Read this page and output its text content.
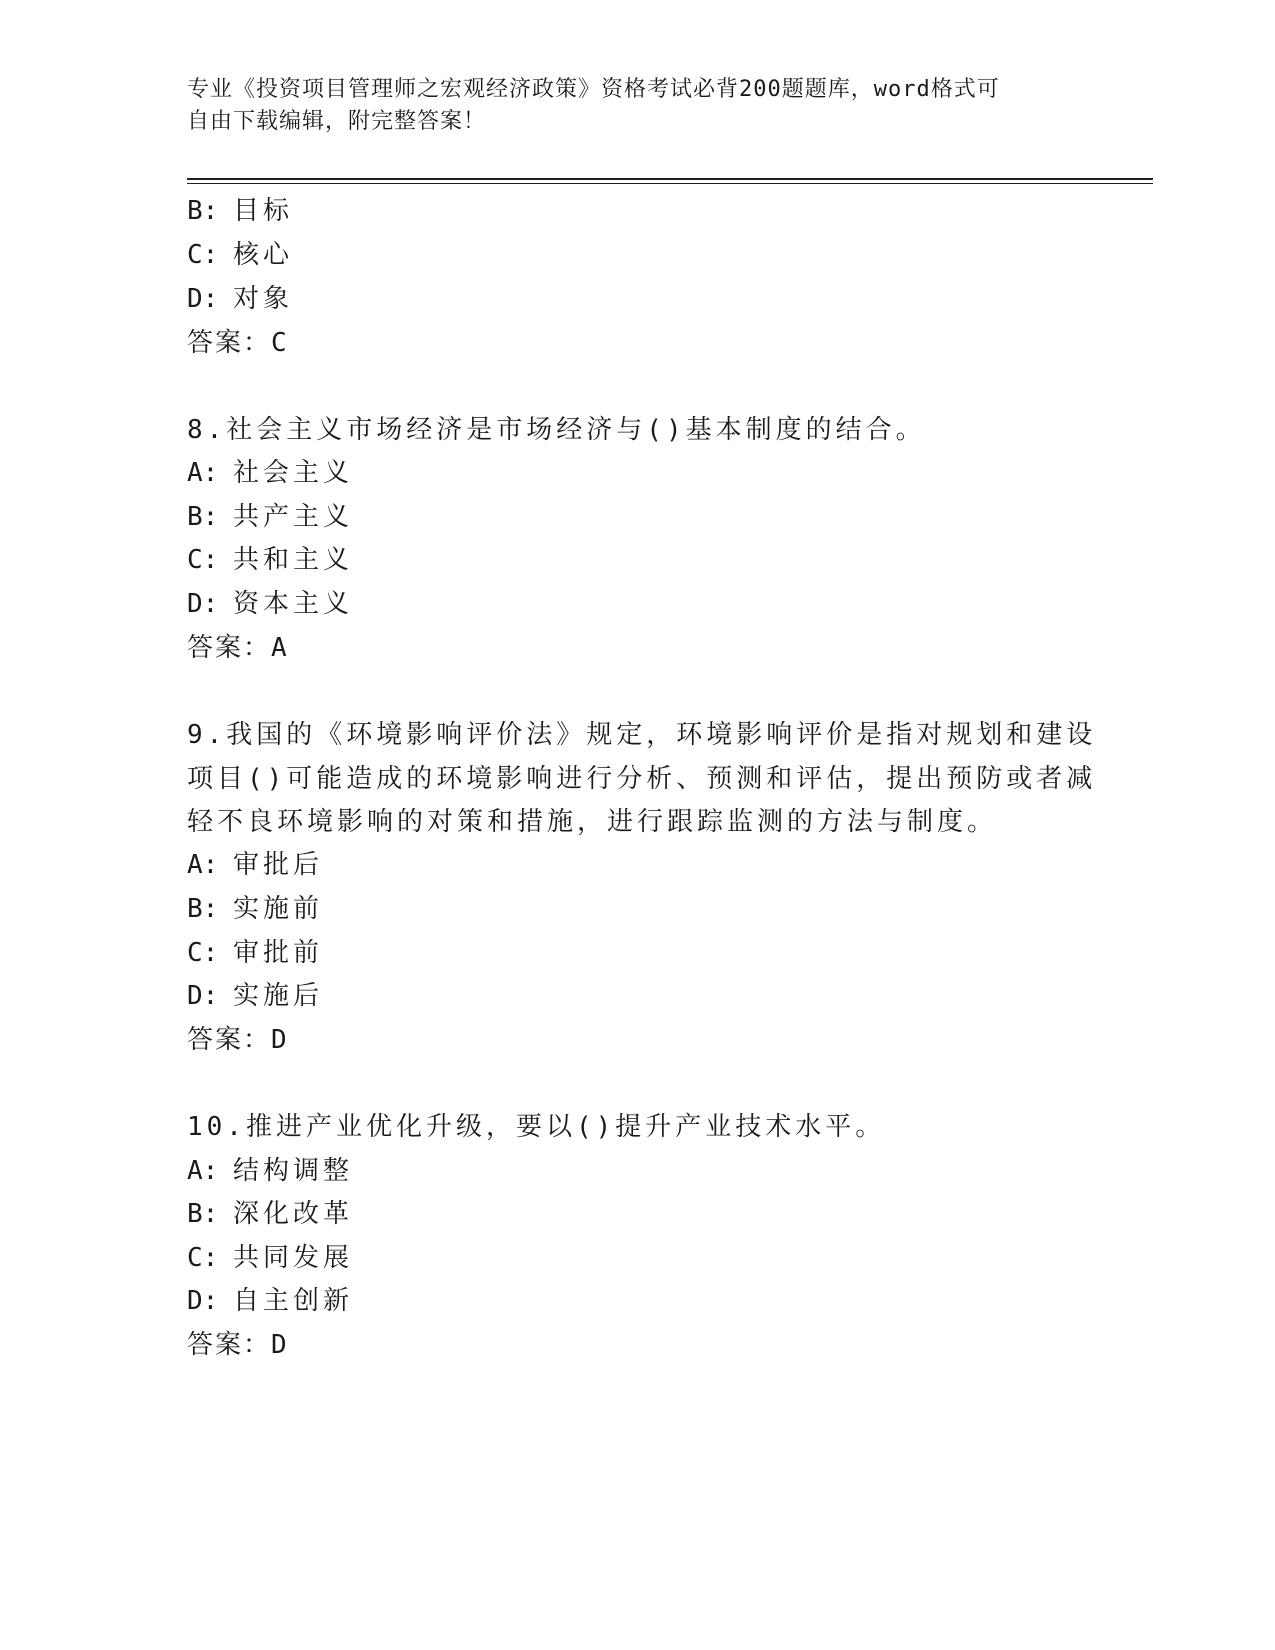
专业《投资项目管理师之宏观经济政策》资格考试必背200题题库，word格式可
自由下载编辑，附完整答案！
B: 目标
C: 核心
D: 对象
答案：C
8.社会主义市场经济是市场经济与()基本制度的结合。
A: 社会主义
B: 共产主义
C: 共和主义
D: 资本主义
答案：A
9.我国的《环境影响评价法》规定，环境影响评价是指对规划和建设
项目()可能造成的环境影响进行分析、预测和评估，提出预防或者减
轻不良环境影响的对策和措施，进行跟踪监测的方法与制度。
A: 审批后
B: 实施前
C: 审批前
D: 实施后
答案：D
10.推进产业优化升级，要以()提升产业技术水平。
A: 结构调整
B: 深化改革
C: 共同发展
D: 自主创新
答案：D
